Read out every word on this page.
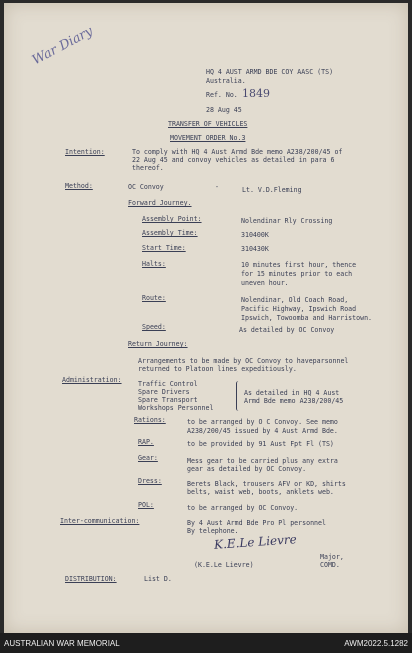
War Diary
HQ 4 AUST ARMD BDE COY AASC (TS)
Australia.
Ref. No. 1849
28 Aug 45
TRANSFER OF VEHICLES
MOVEMENT ORDER No.3
Intention:	To comply with HQ 4 Aust Armd Bde memo A238/200/45 of
22 Aug 45 and convoy vehicles as detailed in para 6
thereof.
Method:	OC Convoy	-	Lt. V.D.Fleming
Forward Journey.
Assembly Point:	Nolendinar Rly Crossing
Assembly Time:	310400K
Start Time:	310430K
Halts:	10 minutes first hour, thence
for 15 minutes prior to each
uneven hour.
Route:	Nolendinar, Old Coach Road,
Pacific Highway, Ipswich Road
Ipswich, Towoomba and Harristown.
Speed:	As detailed by OC Convoy
Return Journey:
Arrangements to be made by OC Convoy to haveparsonnel
returned to Platoon lines expeditiously.
Administration: Traffic Control
Spare Drivers
Spare Transport
Workshops Personnel
As detailed in HQ 4 Aust
Armd Bde memo A238/200/45
Rations:	to be arranged by O C Convoy. See memo
A238/200/45 issued by 4 Aust Armd Bde.
RAP.	to be provided by 91 Aust Fpt Fl (TS)
Gear:	Mess gear to be carried plus any extra
gear as detailed by OC Convoy.
Dress:	Berets Black, trousers AFV or KD, shirts
belts, waist web, boots, anklets web.
POL:	to be arranged by OC Convoy.
Inter-communication:	By 4 Aust Armd Bde Pro Pl personnel
By telephone.
K.E.Le Lievre
(K.E.Le Lievre)
Major,
COMD.
DISTRIBUTION:	List D.
AUSTRALIAN WAR MEMORIAL	AWM2022.5.1282
